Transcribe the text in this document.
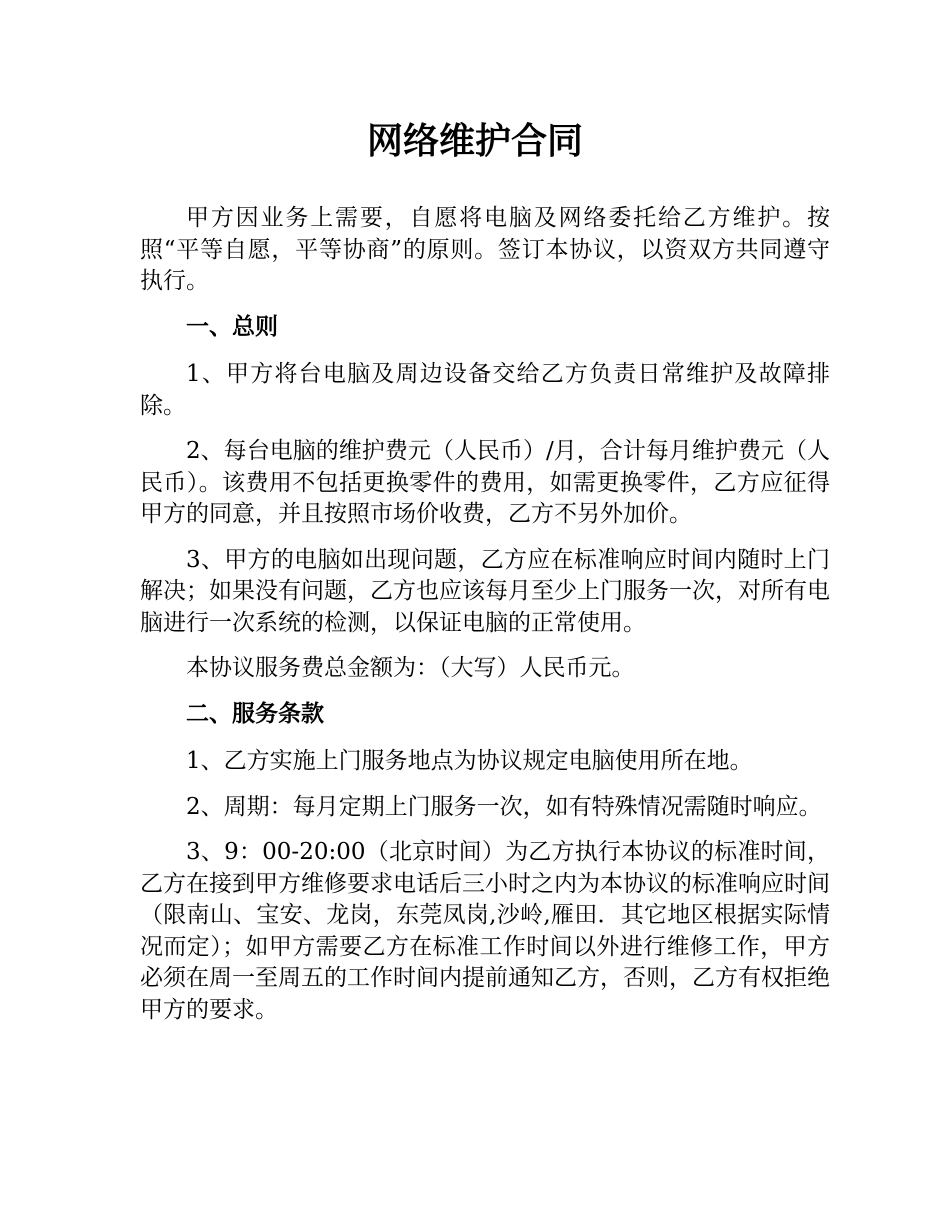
网络维护合同

甲方因业务上需要，自愿将电脑及网络委托给乙方维护。按照“平等自愿，平等协商”的原则。签订本协议，以资双方共同遵守执行。

一、总则

1、甲方将台电脑及周边设备交给乙方负责日常维护及故障排除。

2、每台电脑的维护费元（人民币）/月，合计每月维护费元（人民币）。该费用不包括更换零件的费用，如需更换零件，乙方应征得甲方的同意，并且按照市场价收费，乙方不另外加价。

3、甲方的电脑如出现问题，乙方应在标准响应时间内随时上门解决；如果没有问题，乙方也应该每月至少上门服务一次，对所有电脑进行一次系统的检测，以保证电脑的正常使用。

本协议服务费总金额为：（大写）人民币元。

二、服务条款

1、乙方实施上门服务地点为协议规定电脑使用所在地。

2、周期：每月定期上门服务一次，如有特殊情况需随时响应。

3、9：00-20:00（北京时间）为乙方执行本协议的标准时间，乙方在接到甲方维修要求电话后三小时之内为本协议的标准响应时间（限南山、宝安、龙岗，东莞凤岗,沙岭,雁田．其它地区根据实际情况而定）；如甲方需要乙方在标准工作时间以外进行维修工作，甲方必须在周一至周五的工作时间内提前通知乙方，否则，乙方有权拒绝甲方的要求。
